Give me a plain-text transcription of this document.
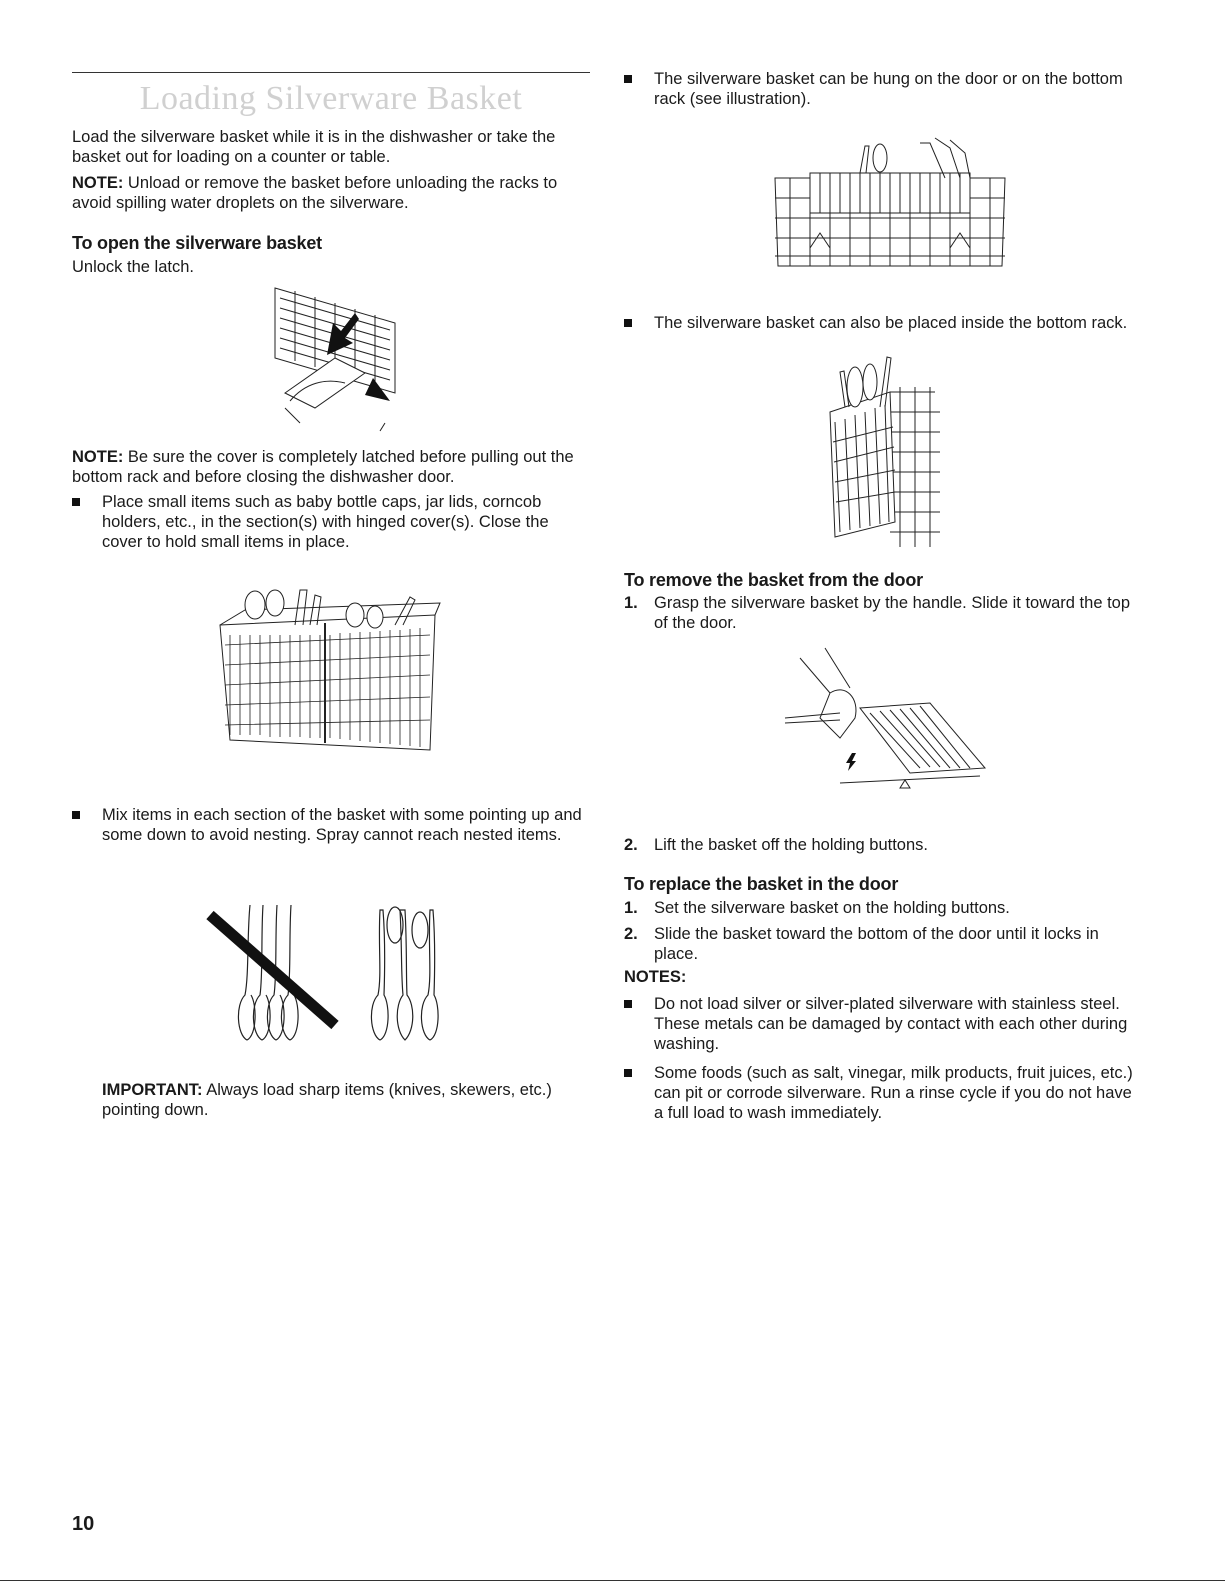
Loading Silverware Basket

Load the silverware basket while it is in the dishwasher or take the basket out for loading on a counter or table.

NOTE: Unload or remove the basket before unloading the racks to avoid spilling water droplets on the silverware.

To open the silverware basket

Unlock the latch.

NOTE: Be sure the cover is completely latched before pulling out the bottom rack and before closing the dishwasher door.

Place small items such as baby bottle caps, jar lids, corncob holders, etc., in the section(s) with hinged cover(s). Close the cover to hold small items in place.
Mix items in each section of the basket with some pointing up and some down to avoid nesting. Spray cannot reach nested items.

IMPORTANT: Always load sharp items (knives, skewers, etc.) pointing down.

The silverware basket can be hung on the door or on the bottom rack (see illustration).
The silverware basket can also be placed inside the bottom rack.

To remove the basket from the door

1. Grasp the silverware basket by the handle. Slide it toward the top of the door.
2. Lift the basket off the holding buttons.

To replace the basket in the door

1. Set the silverware basket on the holding buttons.
2. Slide the basket toward the bottom of the door until it locks in place.

NOTES:

Do not load silver or silver-plated silverware with stainless steel. These metals can be damaged by contact with each other during washing.
Some foods (such as salt, vinegar, milk products, fruit juices, etc.) can pit or corrode silverware. Run a rinse cycle if you do not have a full load to wash immediately.
10
